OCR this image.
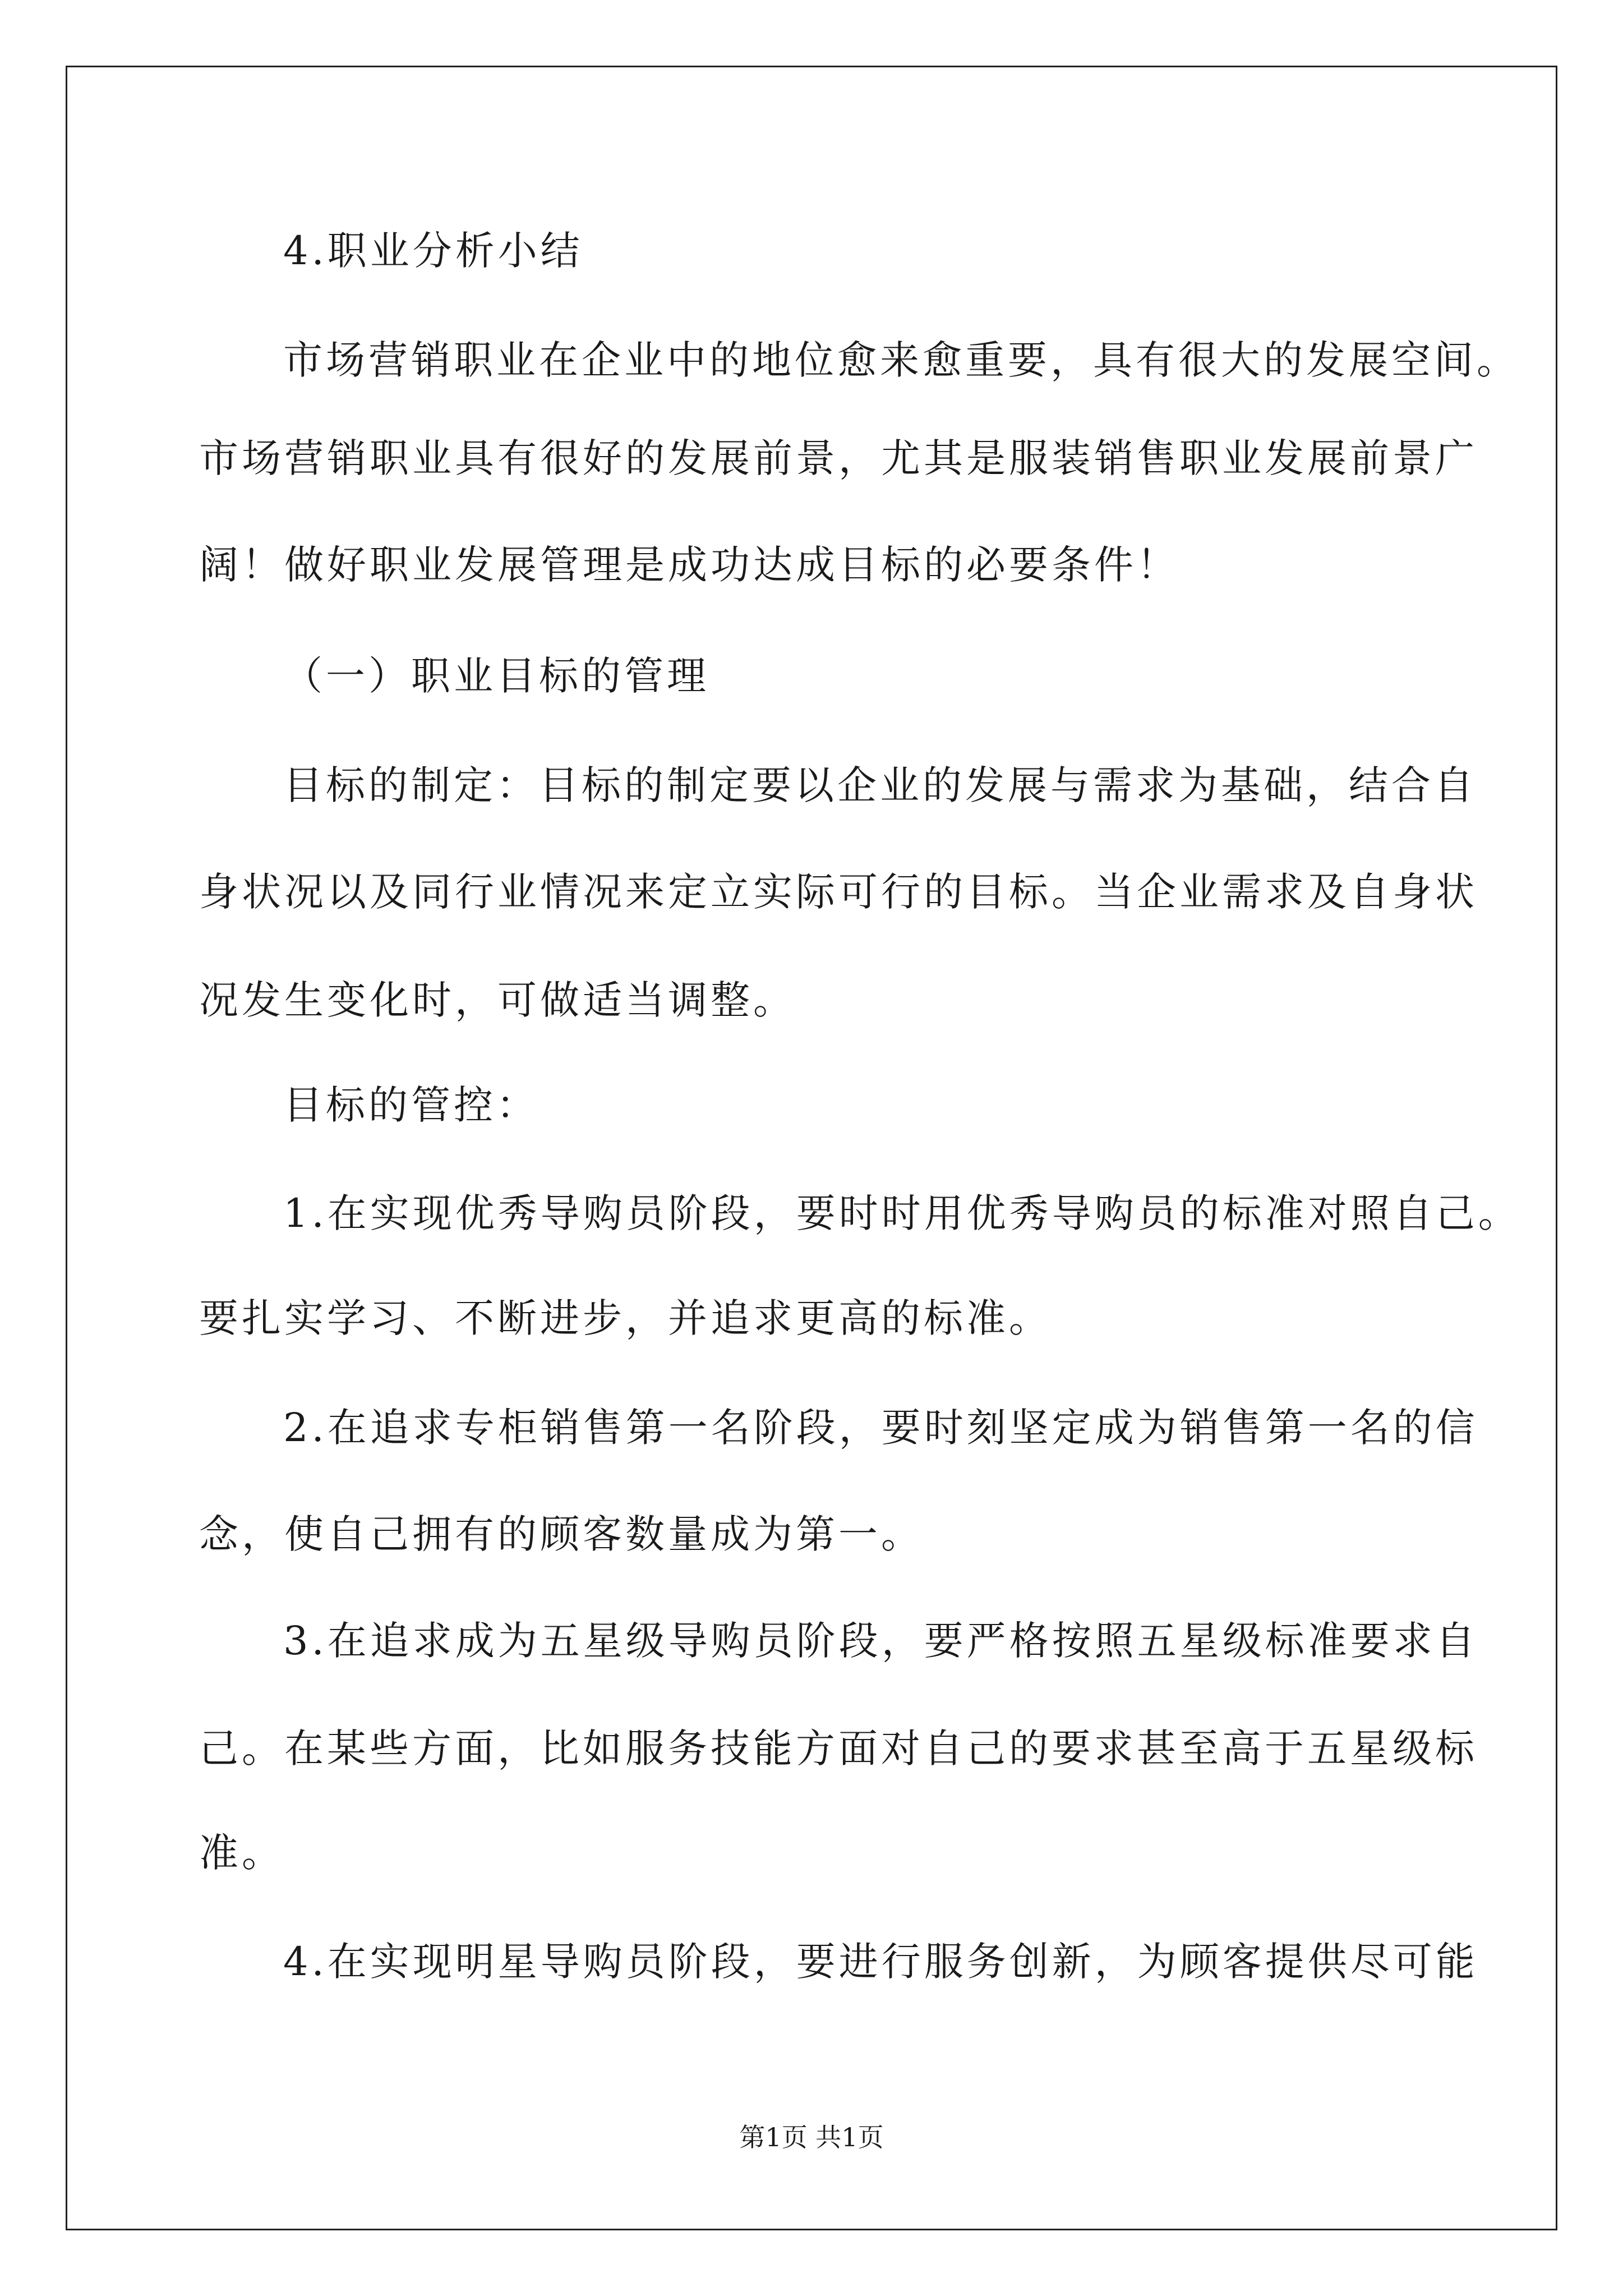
4.职业分析小结
市场营销职业在企业中的地位愈来愈重要，具有很大的发展空间。
市场营销职业具有很好的发展前景，尤其是服装销售职业发展前景广
阔！做好职业发展管理是成功达成目标的必要条件！
（一）职业目标的管理
目标的制定：目标的制定要以企业的发展与需求为基础，结合自
身状况以及同行业情况来定立实际可行的目标。当企业需求及自身状
况发生变化时，可做适当调整。
目标的管控：
1.在实现优秀导购员阶段，要时时用优秀导购员的标准对照自己。
要扎实学习、不断进步，并追求更高的标准。
2.在追求专柜销售第一名阶段，要时刻坚定成为销售第一名的信
念，使自己拥有的顾客数量成为第一。
3.在追求成为五星级导购员阶段，要严格按照五星级标准要求自
己。在某些方面，比如服务技能方面对自己的要求甚至高于五星级标
准。
4.在实现明星导购员阶段，要进行服务创新，为顾客提供尽可能
第1页 共1页
